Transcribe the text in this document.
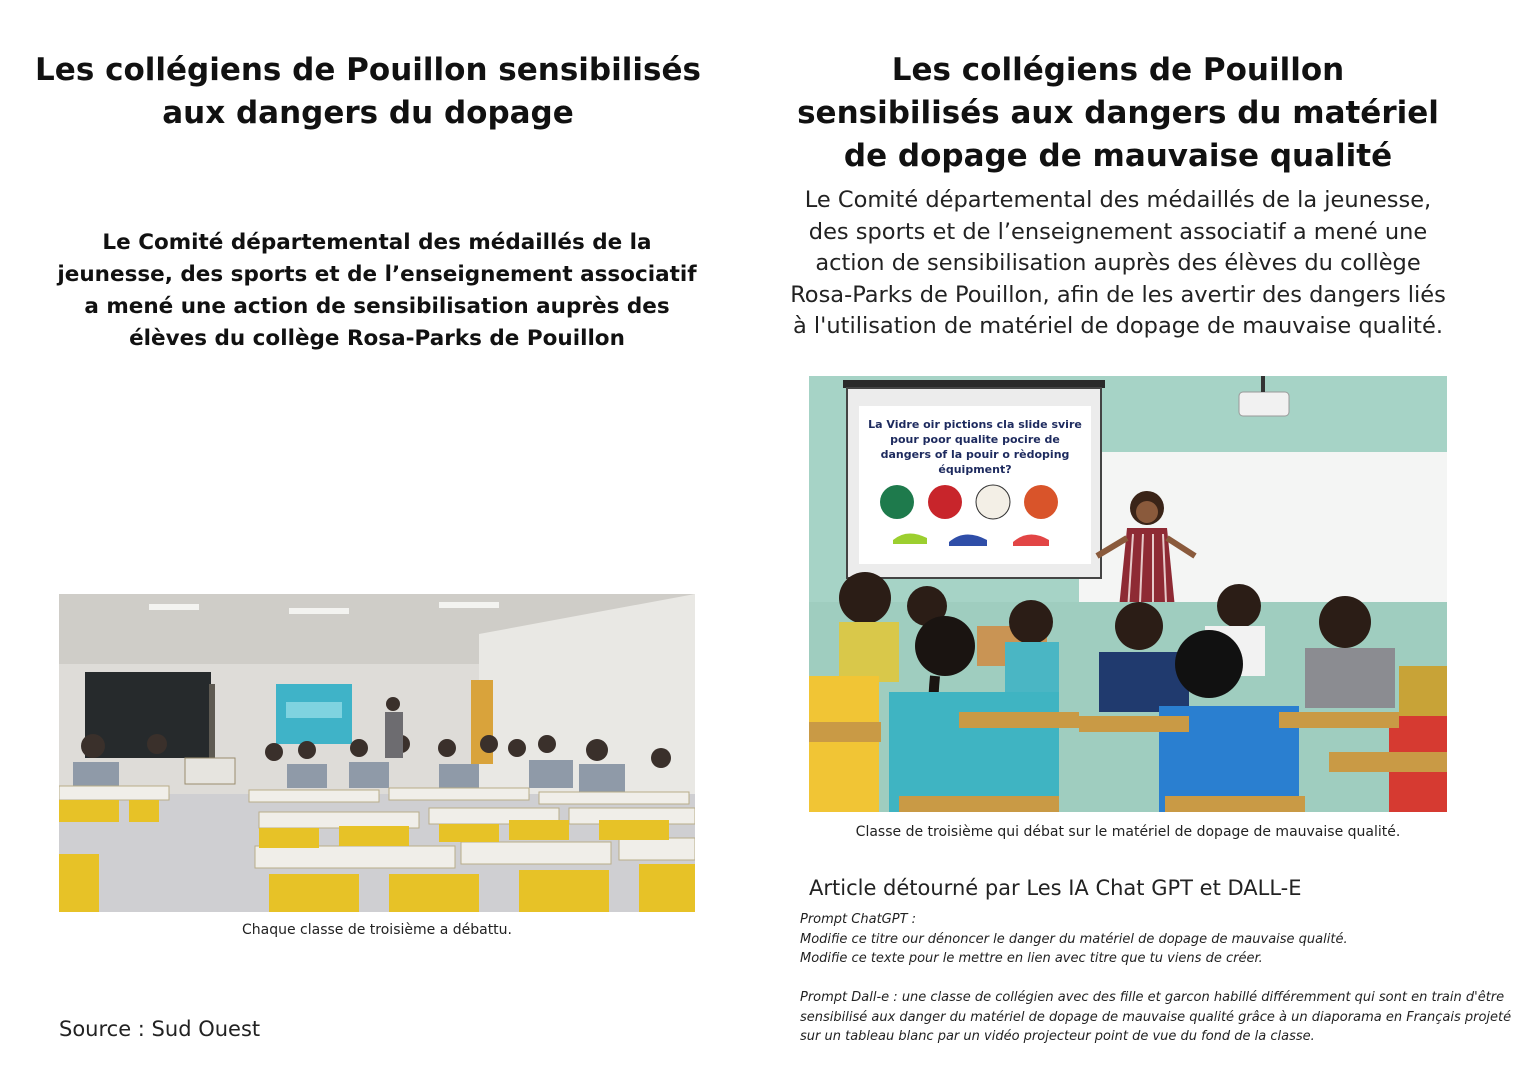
Les collégiens de Pouillon sensibilisés aux dangers du dopage

Le Comité départemental des médaillés de la jeunesse, des sports et de l’enseignement associatif a mené une action de sensibilisation auprès des élèves du collège Rosa-Parks de Pouillon

Chaque classe de troisième a débattu.
Source : Sud Ouest
Les collégiens de Pouillon sensibilisés aux dangers du matériel de dopage de mauvaise qualité

Le Comité départemental des médaillés de la jeunesse, des sports et de l’enseignement associatif a mené une action de sensibilisation auprès des élèves du collège Rosa-Parks de Pouillon, afin de les avertir des dangers liés à l'utilisation de matériel de dopage de mauvaise qualité.

La Vidre oir pictions cla slide svire
pour poor qualite pocire de
dangers of la pouir o rèdoping
équipment?
Classe de troisième qui débat sur le matériel de dopage de mauvaise qualité.
Article détourné par Les IA Chat GPT et DALL-E

Prompt ChatGPT :

Modifie ce titre our dénoncer le danger du matériel de dopage de mauvaise qualité.

Modifie ce texte pour le mettre en lien avec titre que tu viens de créer.

Prompt Dall-e : une classe de collégien avec des fille et garcon habillé différemment qui sont en train d'être sensibilisé aux danger du matériel de dopage de mauvaise qualité grâce à un diaporama en Français projeté sur un tableau blanc par un vidéo projecteur point de vue du fond de la classe.
